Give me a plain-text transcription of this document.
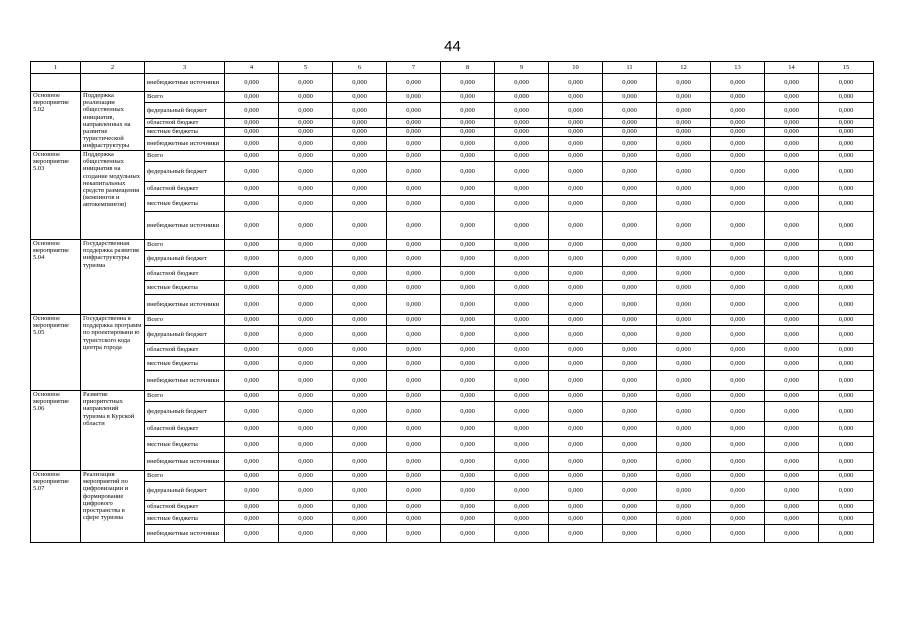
44
1	2	3	4	5	6	7	8	9	10	11	12	13	14	15
		внебюджетные источники	0,000	0,000	0,000	0,000	0,000	0,000	0,000	0,000	0,000	0,000	0,000	0,000
Основное мероприятие 5.02	Поддержка реализации общественных инициатив, направленных на развитие туристической инфраструктуры	Всего	0,000	0,000	0,000	0,000	0,000	0,000	0,000	0,000	0,000	0,000	0,000	0,000
		федеральный бюджет	0,000	0,000	0,000	0,000	0,000	0,000	0,000	0,000	0,000	0,000	0,000	0,000
		областной бюджет	0,000	0,000	0,000	0,000	0,000	0,000	0,000	0,000	0,000	0,000	0,000	0,000
		местные бюджеты	0,000	0,000	0,000	0,000	0,000	0,000	0,000	0,000	0,000	0,000	0,000	0,000
		внебюджетные источники	0,000	0,000	0,000	0,000	0,000	0,000	0,000	0,000	0,000	0,000	0,000	0,000
Основное мероприятие 5.03	Поддержка общественных инициатив на создание модульных некапитальных средств размещения (кемпингов и автокемпингов)	Всего	0,000	0,000	0,000	0,000	0,000	0,000	0,000	0,000	0,000	0,000	0,000	0,000
		федеральный бюджет	0,000	0,000	0,000	0,000	0,000	0,000	0,000	0,000	0,000	0,000	0,000	0,000
		областной бюджет	0,000	0,000	0,000	0,000	0,000	0,000	0,000	0,000	0,000	0,000	0,000	0,000
		местные бюджеты	0,000	0,000	0,000	0,000	0,000	0,000	0,000	0,000	0,000	0,000	0,000	0,000
		внебюджетные источники	0,000	0,000	0,000	0,000	0,000	0,000	0,000	0,000	0,000	0,000	0,000	0,000
Основное мероприятие 5.04	Государственная поддержка развития инфраструктуры туризма	Всего	0,000	0,000	0,000	0,000	0,000	0,000	0,000	0,000	0,000	0,000	0,000	0,000
		федеральный бюджет	0,000	0,000	0,000	0,000	0,000	0,000	0,000	0,000	0,000	0,000	0,000	0,000
		областной бюджет	0,000	0,000	0,000	0,000	0,000	0,000	0,000	0,000	0,000	0,000	0,000	0,000
		местные бюджеты	0,000	0,000	0,000	0,000	0,000	0,000	0,000	0,000	0,000	0,000	0,000	0,000
		внебюджетные источники	0,000	0,000	0,000	0,000	0,000	0,000	0,000	0,000	0,000	0,000	0,000	0,000
Основное мероприятие 5.05	Государственна я поддержка программ по проектировани ю туристского кода центра города	Всего	0,000	0,000	0,000	0,000	0,000	0,000	0,000	0,000	0,000	0,000	0,000	0,000
		федеральный бюджет	0,000	0,000	0,000	0,000	0,000	0,000	0,000	0,000	0,000	0,000	0,000	0,000
		областной бюджет	0,000	0,000	0,000	0,000	0,000	0,000	0,000	0,000	0,000	0,000	0,000	0,000
		местные бюджеты	0,000	0,000	0,000	0,000	0,000	0,000	0,000	0,000	0,000	0,000	0,000	0,000
		внебюджетные источники	0,000	0,000	0,000	0,000	0,000	0,000	0,000	0,000	0,000	0,000	0,000	0,000
Основное мероприятие 5.06	Развитие приоритетных направлений туризма в Курской области	Всего	0,000	0,000	0,000	0,000	0,000	0,000	0,000	0,000	0,000	0,000	0,000	0,000
		федеральный бюджет	0,000	0,000	0,000	0,000	0,000	0,000	0,000	0,000	0,000	0,000	0,000	0,000
		областной бюджет	0,000	0,000	0,000	0,000	0,000	0,000	0,000	0,000	0,000	0,000	0,000	0,000
		местные бюджеты	0,000	0,000	0,000	0,000	0,000	0,000	0,000	0,000	0,000	0,000	0,000	0,000
		внебюджетные источники	0,000	0,000	0,000	0,000	0,000	0,000	0,000	0,000	0,000	0,000	0,000	0,000
Основное мероприятие 5.07	Реализация мероприятий по цифровизации и формирование цифрового пространства в сфере туризма	Всего	0,000	0,000	0,000	0,000	0,000	0,000	0,000	0,000	0,000	0,000	0,000	0,000
		федеральный бюджет	0,000	0,000	0,000	0,000	0,000	0,000	0,000	0,000	0,000	0,000	0,000	0,000
		областной бюджет	0,000	0,000	0,000	0,000	0,000	0,000	0,000	0,000	0,000	0,000	0,000	0,000
		местные бюджеты	0,000	0,000	0,000	0,000	0,000	0,000	0,000	0,000	0,000	0,000	0,000	0,000
		внебюджетные источники	0,000	0,000	0,000	0,000	0,000	0,000	0,000	0,000	0,000	0,000	0,000	0,000
